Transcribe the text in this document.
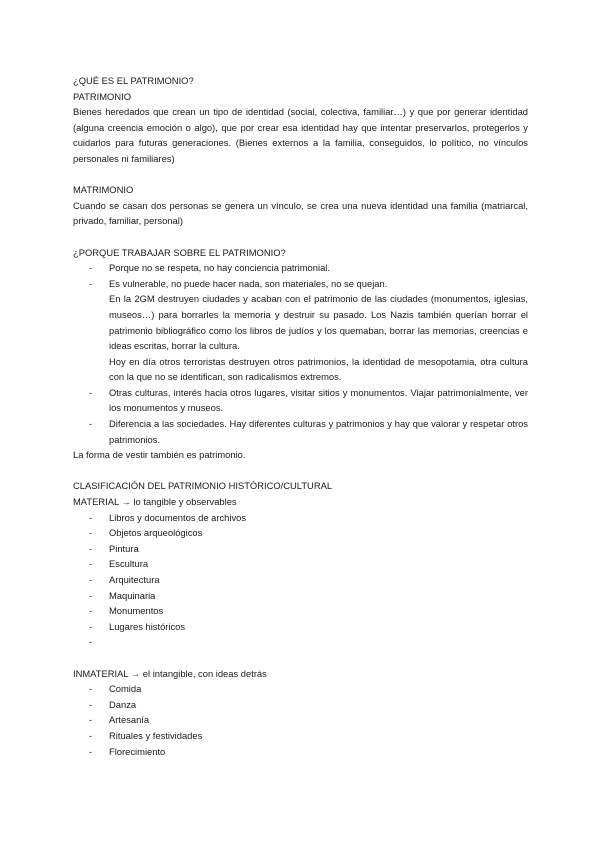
¿QUÉ ES EL PATRIMONIO?

PATRIMONIO

Bienes heredados que crean un tipo de identidad (social, colectiva, familiar…) y que por generar identidad (alguna creencia emoción o algo), que por crear esa identidad hay que intentar preservarlos, protegerlos y cuidarlos para futuras generaciones. (Bienes externos a la familia, conseguidos, lo político, no vínculos personales ni familiares)

MATRIMONIO

Cuando se casan dos personas se genera un vínculo, se crea una nueva identidad una familia (matriarcal, privado, familiar, personal)

¿PORQUE TRABAJAR SOBRE EL PATRIMONIO?

- Porque no se respeta, no hay conciencia patrimonial.
- Es vulnerable, no puede hacer nada, son materiales, no se quejan.

En la 2GM destruyen ciudades y acaban con el patrimonio de las ciudades (monumentos, iglesias, museos…) para borrarles la memoria y destruir su pasado. Los Nazis también querían borrar el patrimonio bibliográfico como los libros de judíos y los quemaban, borrar las memorias, creencias e ideas escritas, borrar la cultura.

Hoy en día otros terroristas destruyen otros patrimonios, la identidad de mesopotamia, otra cultura con la que no se identifican, son radicalismos extremos.

- Otras culturas, interés hacia otros lugares, visitar sitios y monumentos. Viajar patrimonialmente, ver los monumentos y museos.
- Diferencia a las sociedades. Hay diferentes culturas y patrimonios y hay que valorar y respetar otros patrimonios.

La forma de vestir también es patrimonio.

CLASIFICACIÓN DEL PATRIMONIO HISTÓRICO/CULTURAL

MATERIAL → lo tangible y observables

- Libros y documentos de archivos
- Objetos arqueológicos
- Pintura
- Escultura
- Arquitectura
- Maquinaria
- Monumentos
- Lugares históricos
-

INMATERIAL → el intangible, con ideas detrás

- Comida
- Danza
- Artesanía
- Rituales y festividades
- Florecimiento
